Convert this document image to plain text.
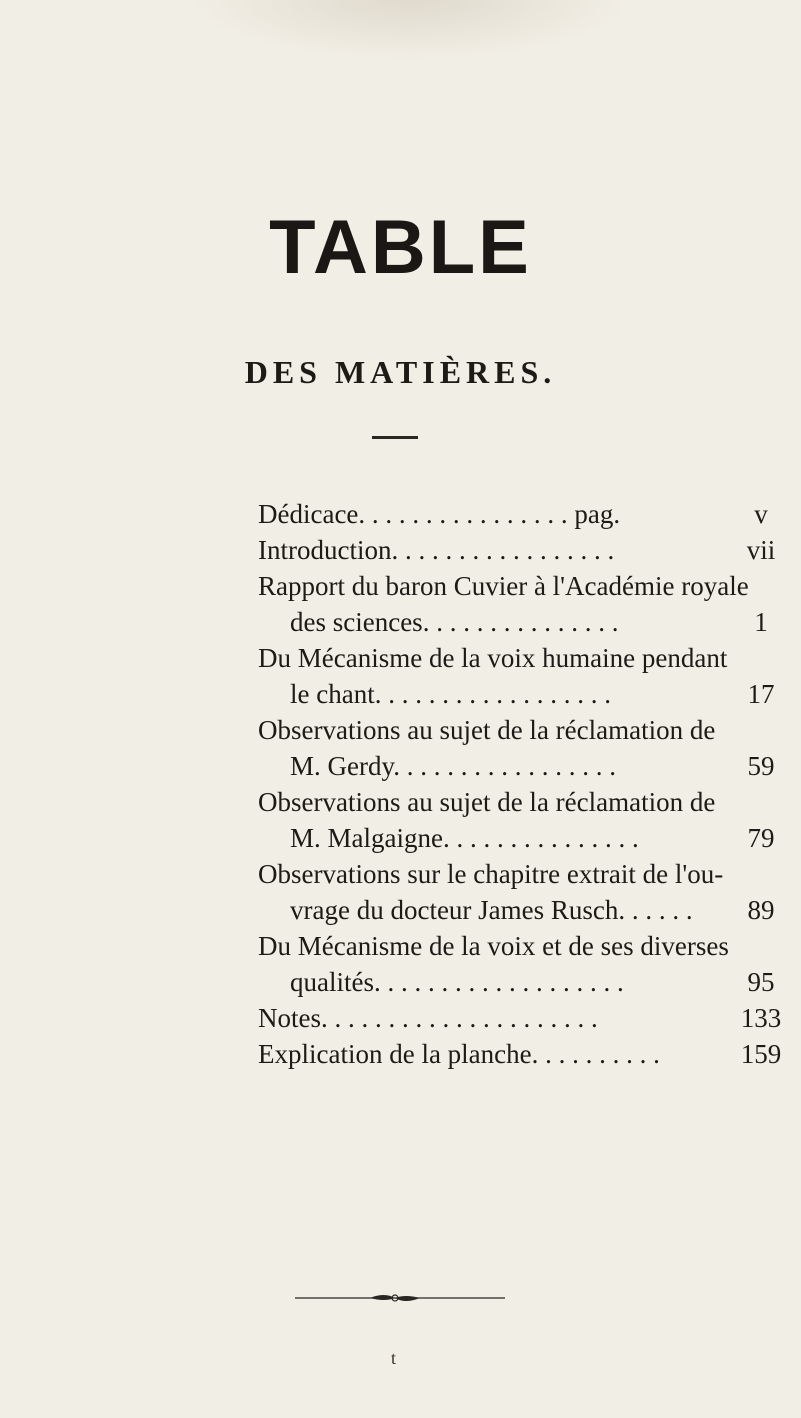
TABLE
DES MATIÈRES.
Dédicace. . . . . . . . . . . . . . . . pag.	v
Introduction. . . . . . . . . . . . . . . . .	vii
Rapport du baron Cuvier à l'Académie royale
des sciences. . . . . . . . . . . . . . .	1
Du Mécanisme de la voix humaine pendant
le chant. . . . . . . . . . . . . . . . . .	17
Observations au sujet de la réclamation de
M. Gerdy. . . . . . . . . . . . . . . . .	59
Observations au sujet de la réclamation de
M. Malgaigne. . . . . . . . . . . . . . .	79
Observations sur le chapitre extrait de l'ou-
vrage du docteur James Rusch. . . . . .	89
Du Mécanisme de la voix et de ses diverses
qualités. . . . . . . . . . . . . . . . . . .	95
Notes. . . . . . . . . . . . . . . . . . . . .	133
Explication de la planche. . . . . . . . . .	159
t
